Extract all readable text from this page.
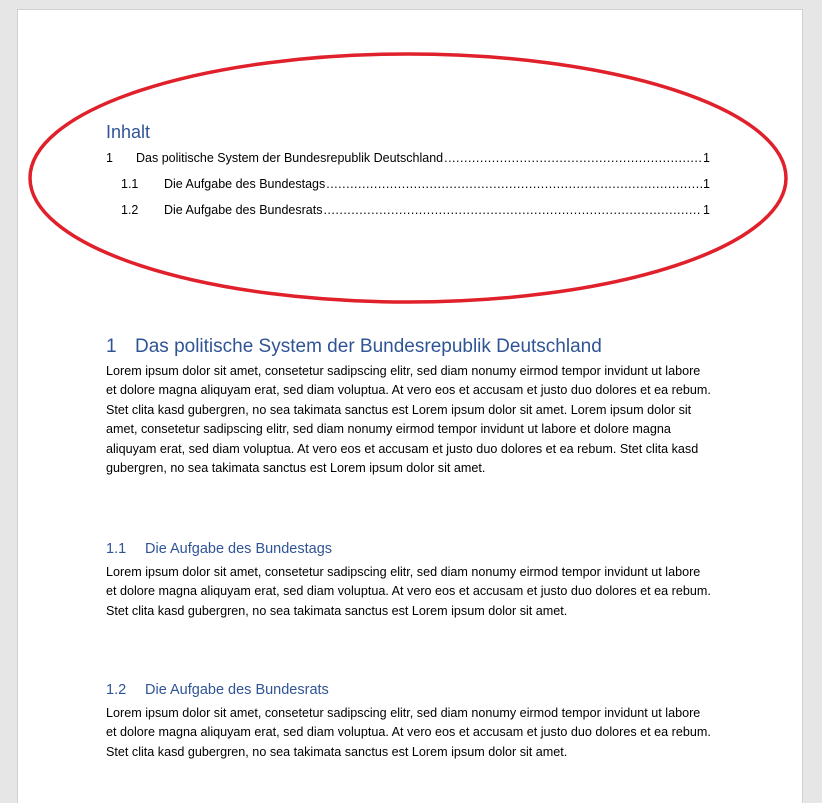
Inhalt
1	Das politische System der Bundesrepublik Deutschland .....	1
1.1	Die Aufgabe des Bundestags .....	1
1.2	Die Aufgabe des Bundesrats .....	1
1 Das politische System der Bundesrepublik Deutschland

Lorem ipsum dolor sit amet, consetetur sadipscing elitr, sed diam nonumy eirmod tempor invidunt ut labore et dolore magna aliquyam erat, sed diam voluptua. At vero eos et accusam et justo duo dolores et ea rebum. Stet clita kasd gubergren, no sea takimata sanctus est Lorem ipsum dolor sit amet. Lorem ipsum dolor sit amet, consetetur sadipscing elitr, sed diam nonumy eirmod tempor invidunt ut labore et dolore magna aliquyam erat, sed diam voluptua. At vero eos et accusam et justo duo dolores et ea rebum. Stet clita kasd gubergren, no sea takimata sanctus est Lorem ipsum dolor sit amet.

1.1 Die Aufgabe des Bundestags

Lorem ipsum dolor sit amet, consetetur sadipscing elitr, sed diam nonumy eirmod tempor invidunt ut labore et dolore magna aliquyam erat, sed diam voluptua. At vero eos et accusam et justo duo dolores et ea rebum. Stet clita kasd gubergren, no sea takimata sanctus est Lorem ipsum dolor sit amet.

1.2 Die Aufgabe des Bundesrats

Lorem ipsum dolor sit amet, consetetur sadipscing elitr, sed diam nonumy eirmod tempor invidunt ut labore et dolore magna aliquyam erat, sed diam voluptua. At vero eos et accusam et justo duo dolores et ea rebum. Stet clita kasd gubergren, no sea takimata sanctus est Lorem ipsum dolor sit amet.
